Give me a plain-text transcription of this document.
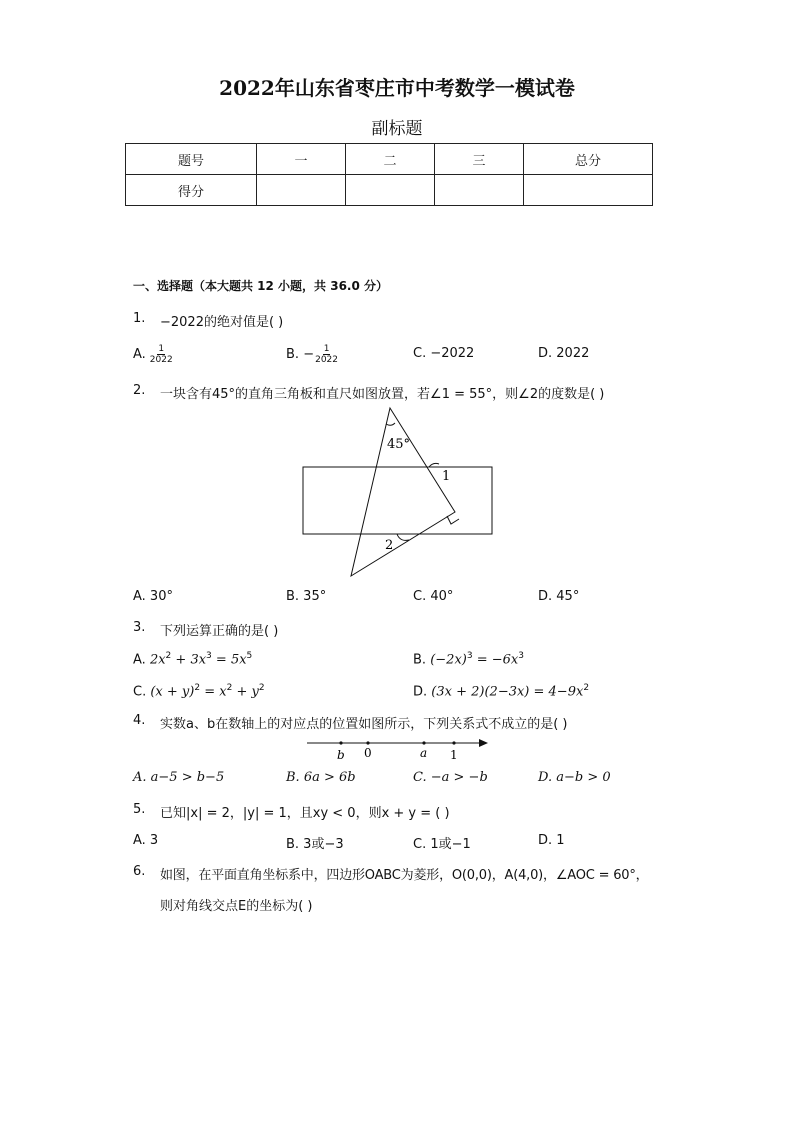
2022年山东省枣庄市中考数学一模试卷
副标题
题号	一	二	三	总分
得分				
一、选择题（本大题共 12 小题，共 36.0 分）
1. −2022的绝对值是( )
A. $\frac{1}{2022}$	B. − $\frac{1}{2022}$	C. −2022	D. 2022
2. 一块含有45°的直角三角板和直尺如图放置，若∠1 = 55°，则∠2的度数是( )
45°
1
2
A. 30°	B. 35°	C. 40°	D. 45°
3. 下列运算正确的是( )
A. $2x^2 + 3x^3 = 5x^5$	B. $(-2x)^3 = -6x^3$
C. $(x + y)^2 = x^2 + y^2$	D. $(3x + 2)(2-3x) = 4-9x^2$
4. 实数a、b在数轴上的对应点的位置如图所示，下列关系式不成立的是( )
b 0	a 1
A. a−5 > b−5	B. 6a > 6b	C. −a > −b	D. a−b > 0
5. 已知|x| = 2，|y| = 1，且xy < 0，则x + y = ( )
A. 3	B. 3或−3	C. 1或−1	D. 1
6. 如图，在平面直角坐标系中，四边形OABC为菱形，O(0,0)，A(4,0)，∠AOC = 60°，
则对角线交点E的坐标为( )
